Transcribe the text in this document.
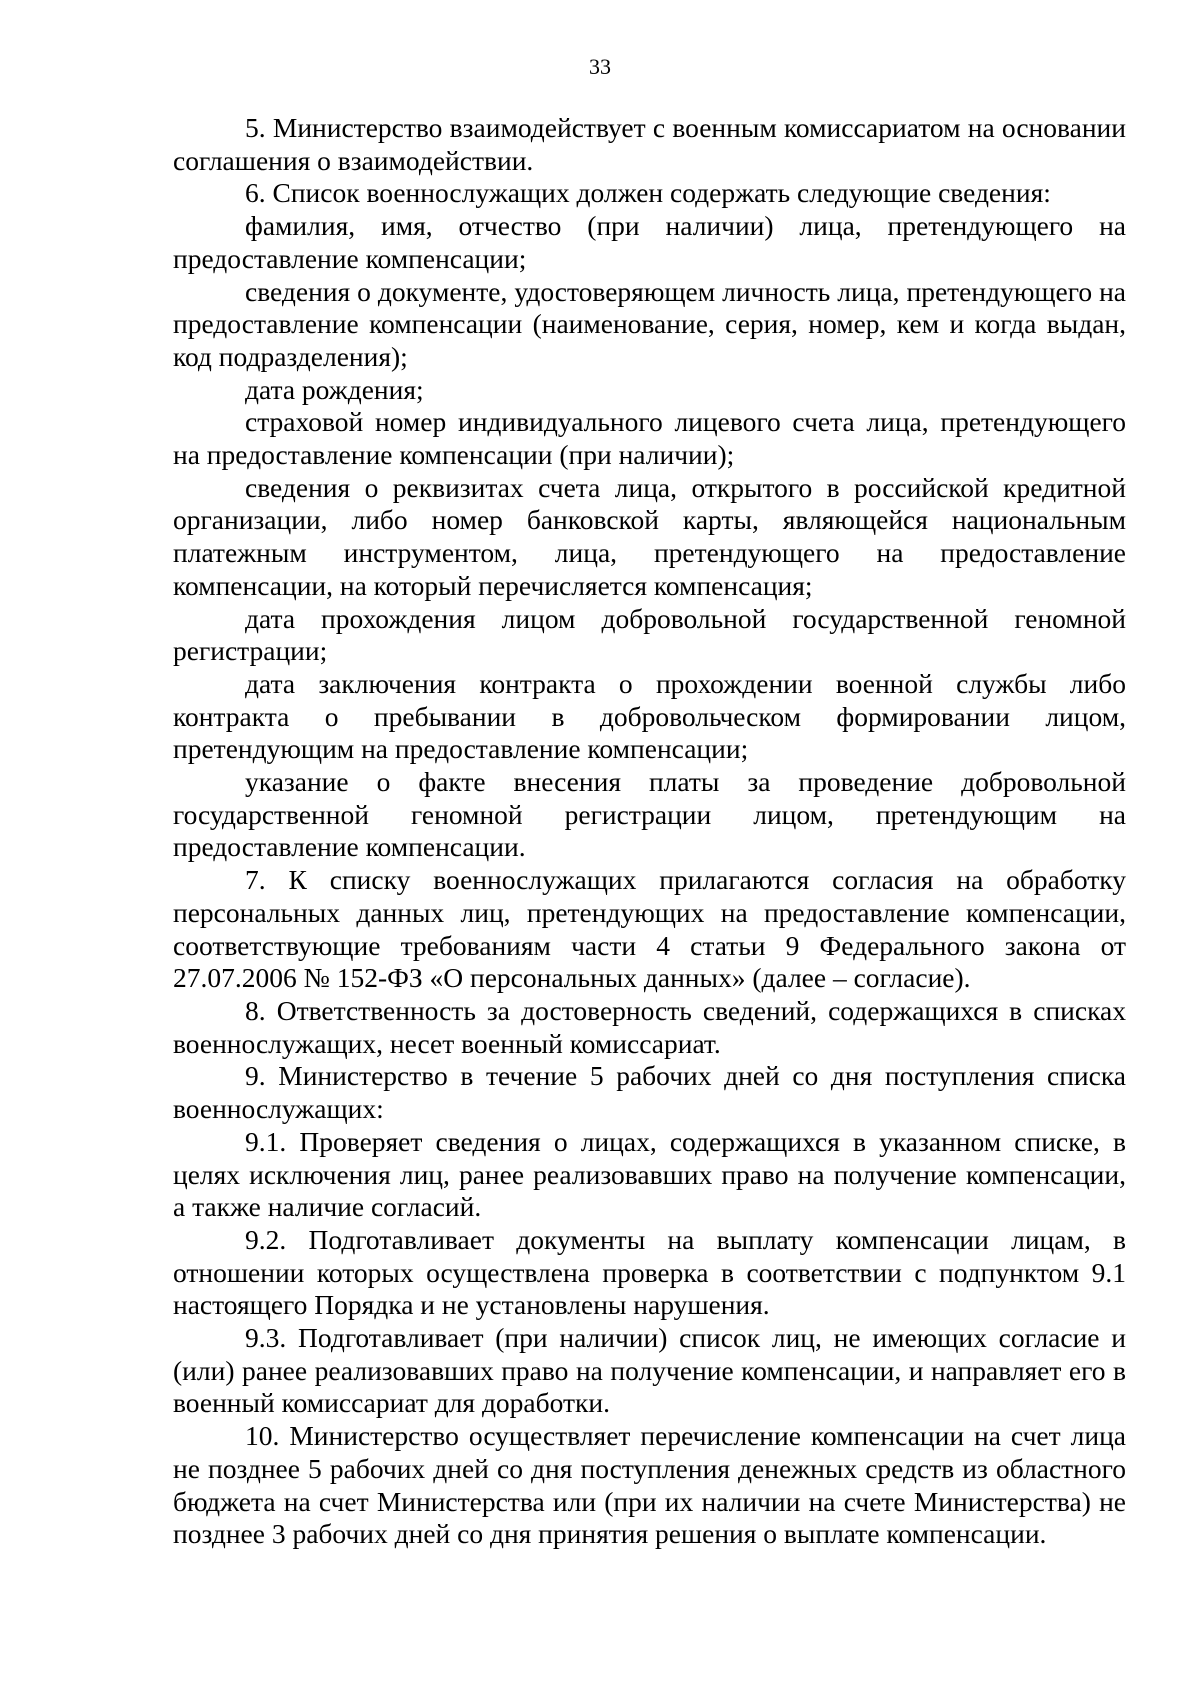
33

5. Министерство взаимодействует с военным комиссариатом на основании соглашения о взаимодействии.

6. Список военнослужащих должен содержать следующие сведения:

фамилия, имя, отчество (при наличии) лица, претендующего на предоставление компенсации;

сведения о документе, удостоверяющем личность лица, претендующего на предоставление компенсации (наименование, серия, номер, кем и когда выдан, код подразделения);

дата рождения;

страховой номер индивидуального лицевого счета лица, претендующего на предоставление компенсации (при наличии);

сведения о реквизитах счета лица, открытого в российской кредитной организации, либо номер банковской карты, являющейся национальным платежным инструментом, лица, претендующего на предоставление компенсации, на который перечисляется компенсация;

дата прохождения лицом добровольной государственной геномной регистрации;

дата заключения контракта о прохождении военной службы либо контракта о пребывании в добровольческом формировании лицом, претендующим на предоставление компенсации;

указание о факте внесения платы за проведение добровольной государственной геномной регистрации лицом, претендующим на предоставление компенсации.

7. К списку военнослужащих прилагаются согласия на обработку персональных данных лиц, претендующих на предоставление компенсации, соответствующие требованиям части 4 статьи 9 Федерального закона от 27.07.2006 № 152-ФЗ «О персональных данных» (далее – согласие).

8. Ответственность за достоверность сведений, содержащихся в списках военнослужащих, несет военный комиссариат.

9. Министерство в течение 5 рабочих дней со дня поступления списка военнослужащих:

9.1. Проверяет сведения о лицах, содержащихся в указанном списке, в целях исключения лиц, ранее реализовавших право на получение компенсации, а также наличие согласий.

9.2. Подготавливает документы на выплату компенсации лицам, в отношении которых осуществлена проверка в соответствии с подпунктом 9.1 настоящего Порядка и не установлены нарушения.

9.3. Подготавливает (при наличии) список лиц, не имеющих согласие и (или) ранее реализовавших право на получение компенсации, и направляет его в военный комиссариат для доработки.

10. Министерство осуществляет перечисление компенсации на счет лица не позднее 5 рабочих дней со дня поступления денежных средств из областного бюджета на счет Министерства или (при их наличии на счете Министерства) не позднее 3 рабочих дней со дня принятия решения о выплате компенсации.
